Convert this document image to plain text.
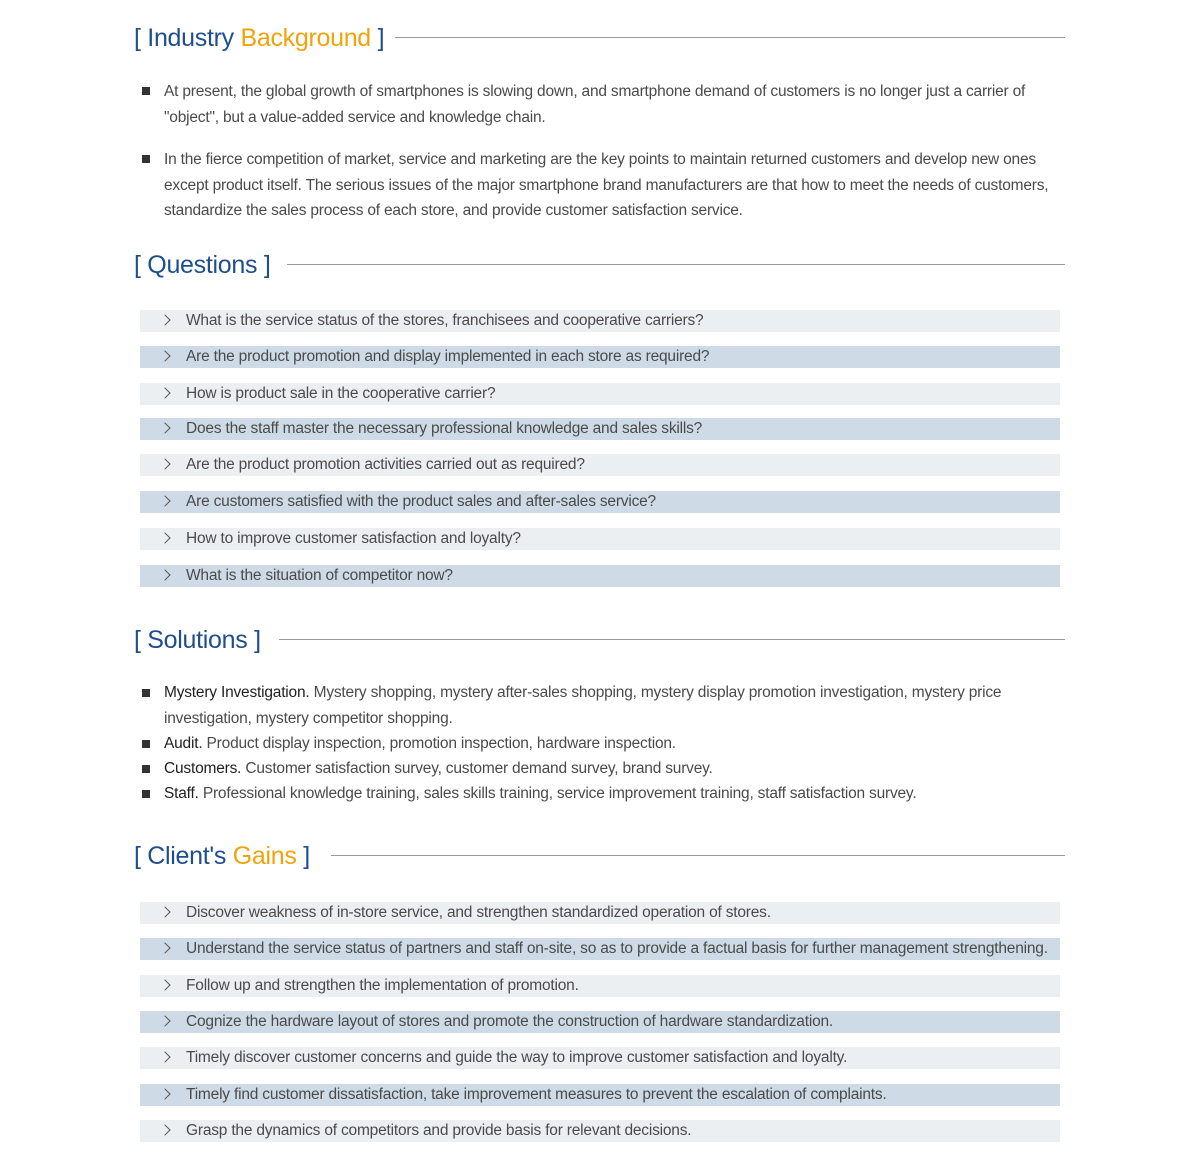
[ Industry Background ]
At present, the global growth of smartphones is slowing down, and smartphone demand of customers is no longer just a carrier of "object", but a value-added service and knowledge chain.
In the fierce competition of market, service and marketing are the key points to maintain returned customers and develop new ones except product itself. The serious issues of the major smartphone brand manufacturers are that how to meet the needs of customers, standardize the sales process of each store, and provide customer satisfaction service.
[ Questions ]
What is the service status of the stores, franchisees and cooperative carriers?
Are the product promotion and display implemented in each store as required?
How is product sale in the cooperative carrier?
Does the staff master the necessary professional knowledge and sales skills?
Are the product promotion activities carried out as required?
Are customers satisfied with the product sales and after-sales service?
How to improve customer satisfaction and loyalty?
What is the situation of competitor now?
[ Solutions ]
Mystery Investigation. Mystery shopping, mystery after-sales shopping, mystery display promotion investigation, mystery price investigation, mystery competitor shopping.
Audit. Product display inspection, promotion inspection, hardware inspection.
Customers. Customer satisfaction survey, customer demand survey, brand survey.
Staff. Professional knowledge training, sales skills training, service improvement training, staff satisfaction survey.
[ Client's Gains ]
Discover weakness of in-store service, and strengthen standardized operation of stores.
Understand the service status of partners and staff on-site, so as to provide a factual basis for further management strengthening.
Follow up and strengthen the implementation of promotion.
Cognize the hardware layout of stores and promote the construction of hardware standardization.
Timely discover customer concerns and guide the way to improve customer satisfaction and loyalty.
Timely find customer dissatisfaction, take improvement measures to prevent the escalation of complaints.
Grasp the dynamics of competitors and provide basis for relevant decisions.
